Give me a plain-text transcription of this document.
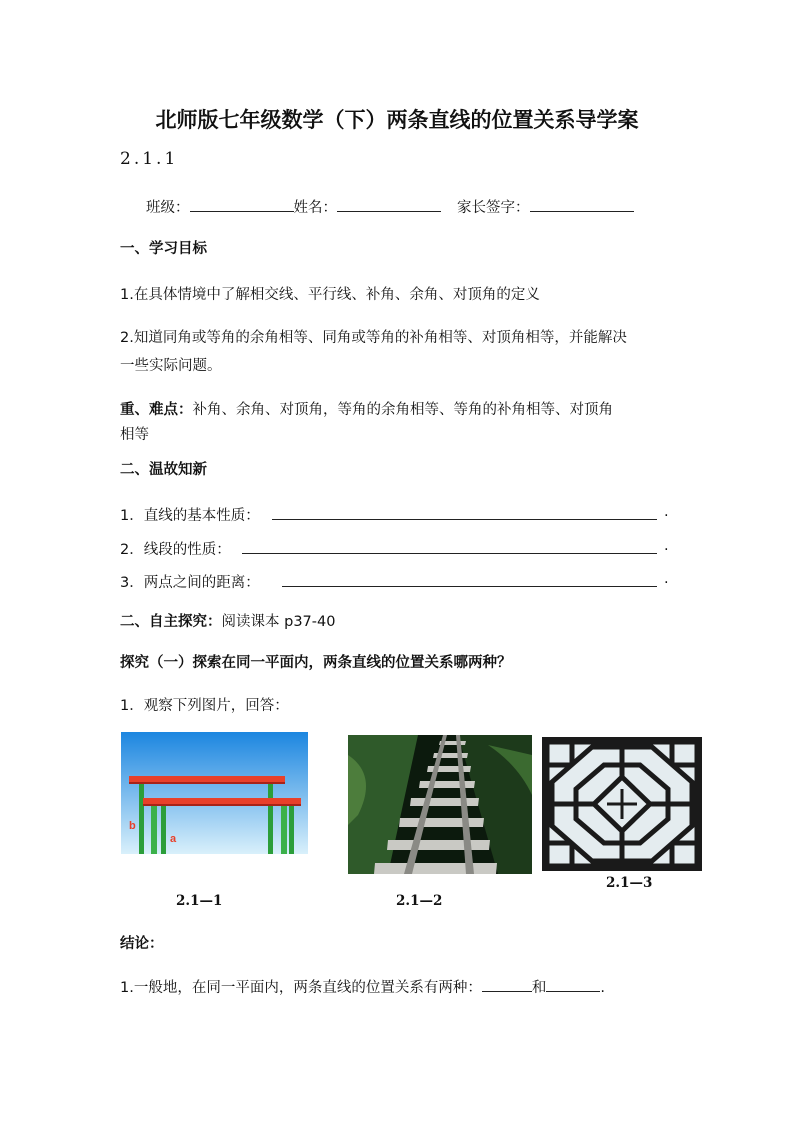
北师版七年级数学（下）两条直线的位置关系导学案
2.1.1
班级：	姓名：	家长签字：
一、学习目标
1.在具体情境中了解相交线、平行线、补角、余角、对顶角的定义
2.知道同角或等角的余角相等、同角或等角的补角相等、对顶角相等，并能解决
一些实际问题。
重、难点：补角、余角、对顶角，等角的余角相等、等角的补角相等、对顶角
相等
二、温故知新
1．直线的基本性质：	.
2．线段的性质：	.
3．两点之间的距离：	.
二、自主探究：阅读课本 p37-40
探究（一）探索在同一平面内，两条直线的位置关系哪两种？
1．观察下列图片，回答：
m
n
b
a
2.1—1	2.1—2
2.1—3
结论：
1.一般地，在同一平面内，两条直线的位置关系有两种：	和	.
